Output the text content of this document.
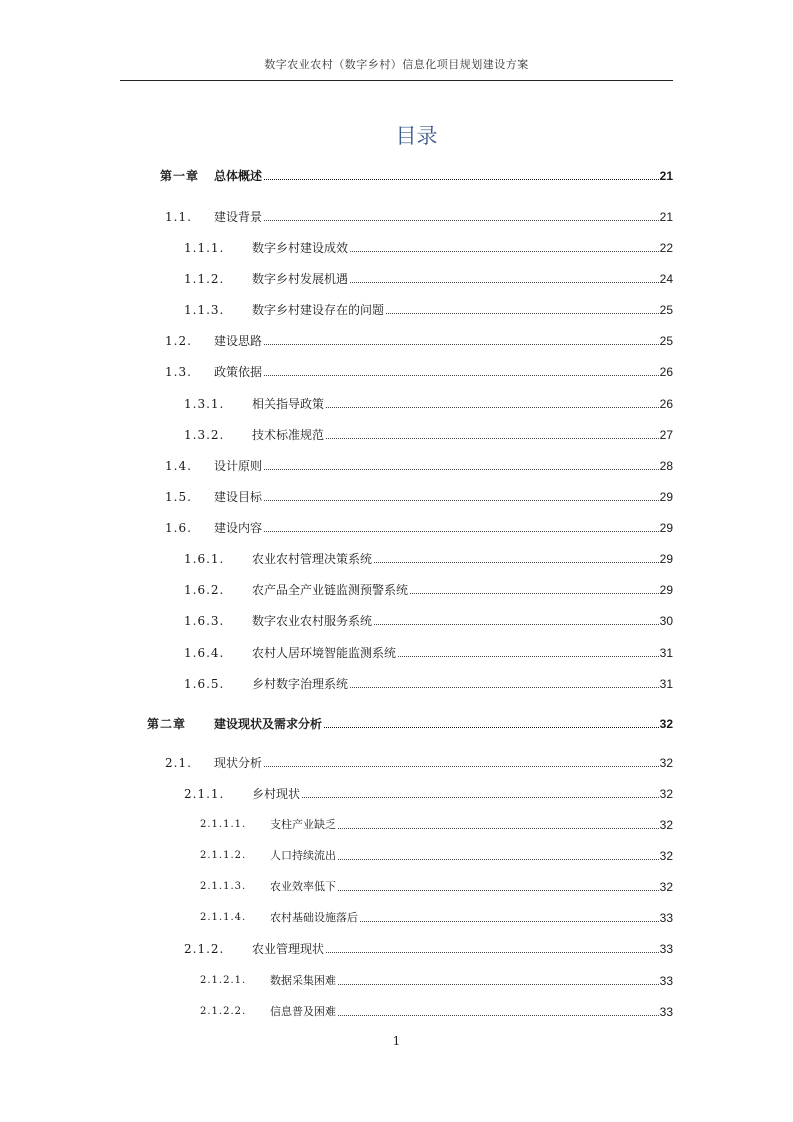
数字农业农村（数字乡村）信息化项目规划建设方案
目录
第一章	总体概述	21
1.1.	建设背景	21
1.1.1.	数字乡村建设成效	22
1.1.2.	数字乡村发展机遇	24
1.1.3.	数字乡村建设存在的问题	25
1.2.	建设思路	25
1.3.	政策依据	26
1.3.1.	相关指导政策	26
1.3.2.	技术标准规范	27
1.4.	设计原则	28
1.5.	建设目标	29
1.6.	建设内容	29
1.6.1.	农业农村管理决策系统	29
1.6.2.	农产品全产业链监测预警系统	29
1.6.3.	数字农业农村服务系统	30
1.6.4.	农村人居环境智能监测系统	31
1.6.5.	乡村数字治理系统	31
第二章	建设现状及需求分析	32
2.1.	现状分析	32
2.1.1.	乡村现状	32
2.1.1.1.	支柱产业缺乏	32
2.1.1.2.	人口持续流出	32
2.1.1.3.	农业效率低下	32
2.1.1.4.	农村基础设施落后	33
2.1.2.	农业管理现状	33
2.1.2.1.	数据采集困难	33
2.1.2.2.	信息普及困难	33
1
